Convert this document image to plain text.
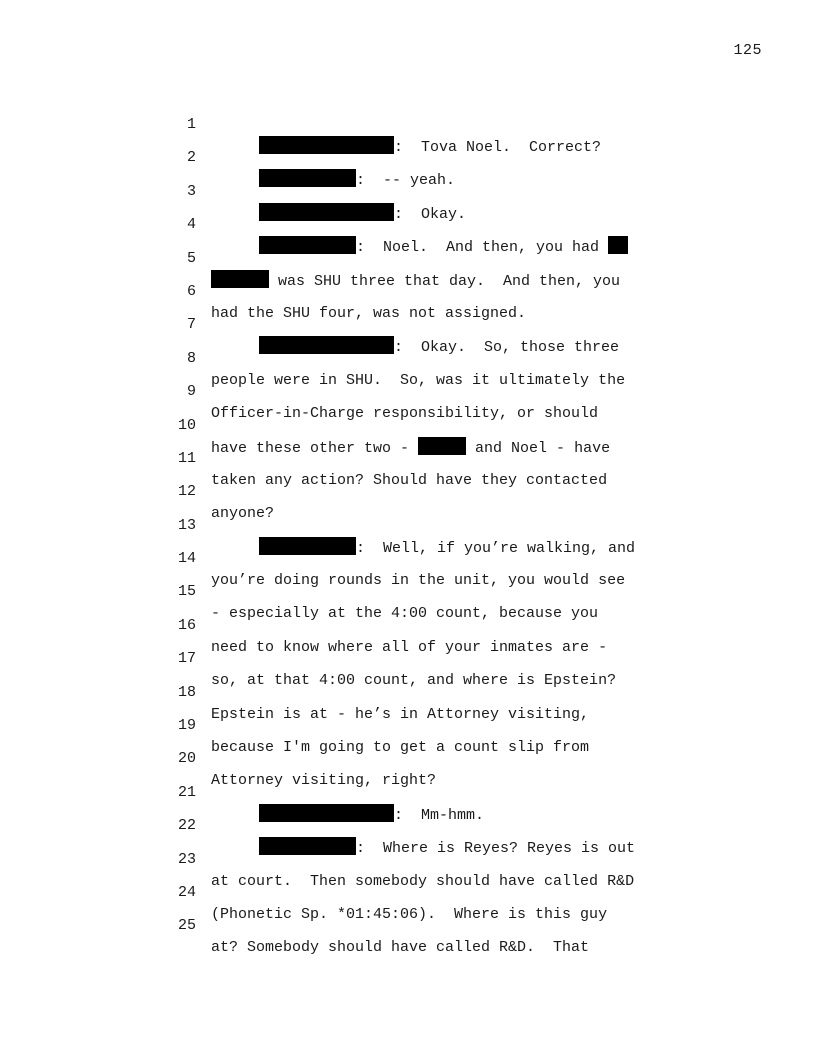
125

1

:  Tova Noel.  Correct?

2

:  -- yeah.

3

:  Okay.

4

:  Noel.  And then, you had

5

was SHU three that day.  And then, you

6

had the SHU four, was not assigned.

7

:  Okay.  So, those three

8

people were in SHU.  So, was it ultimately the

9

Officer-in-Charge responsibility, or should

10

have these other two -	and Noel - have

11

taken any action? Should have they contacted

12

anyone?

13

:  Well, if you’re walking, and

14

you’re doing rounds in the unit, you would see

15

- especially at the 4:00 count, because you

16

need to know where all of your inmates are -

17

so, at that 4:00 count, and where is Epstein?

18

Epstein is at - he’s in Attorney visiting,

19

because I'm going to get a count slip from

20

Attorney visiting, right?

21

:  Mm-hmm.

22

:  Where is Reyes? Reyes is out

23

at court.  Then somebody should have called R&D

24

(Phonetic Sp. *01:45:06).  Where is this guy

25

at? Somebody should have called R&D.  That
